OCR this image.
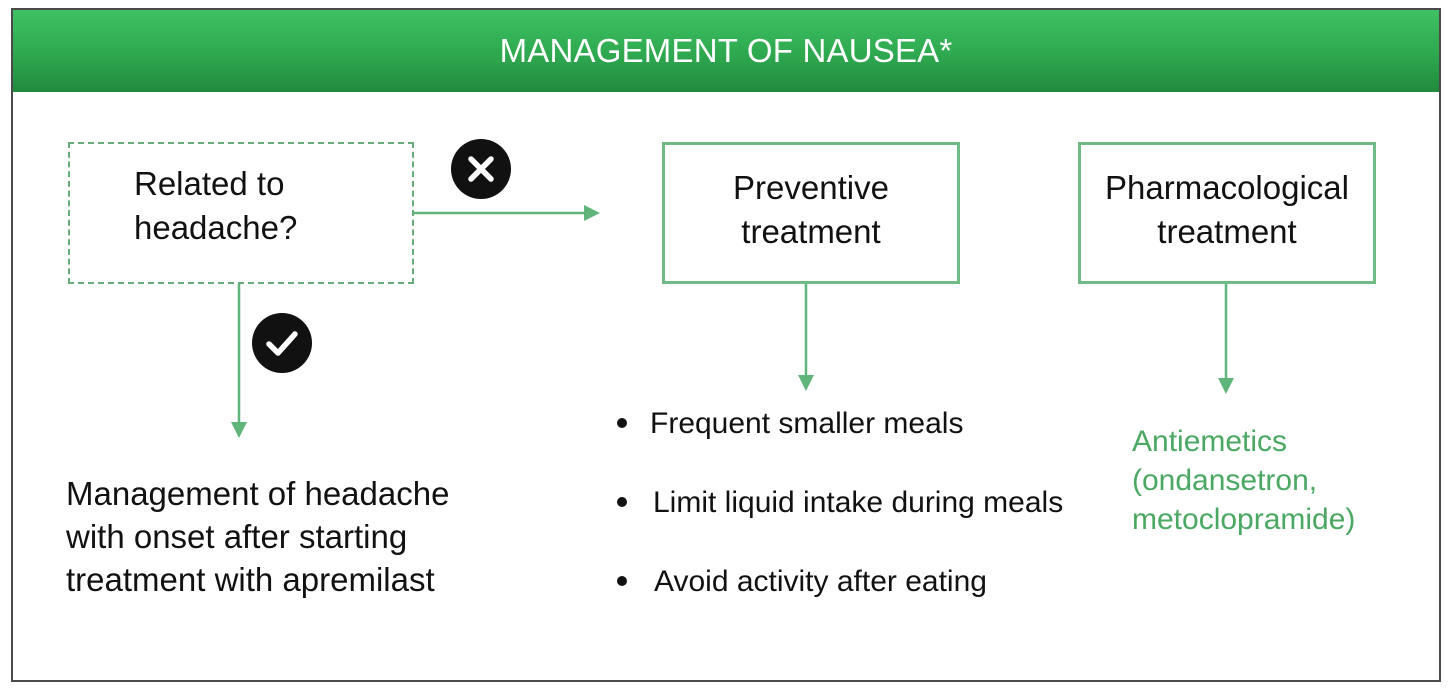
MANAGEMENT OF NAUSEA*
Related to
headache?
Preventive
treatment
Pharmacological
treatment
Management of headache
with onset after starting
treatment with apremilast
Frequent smaller meals
Limit liquid intake during meals
Avoid activity after eating
Antiemetics
(ondansetron,
metoclopramide)
